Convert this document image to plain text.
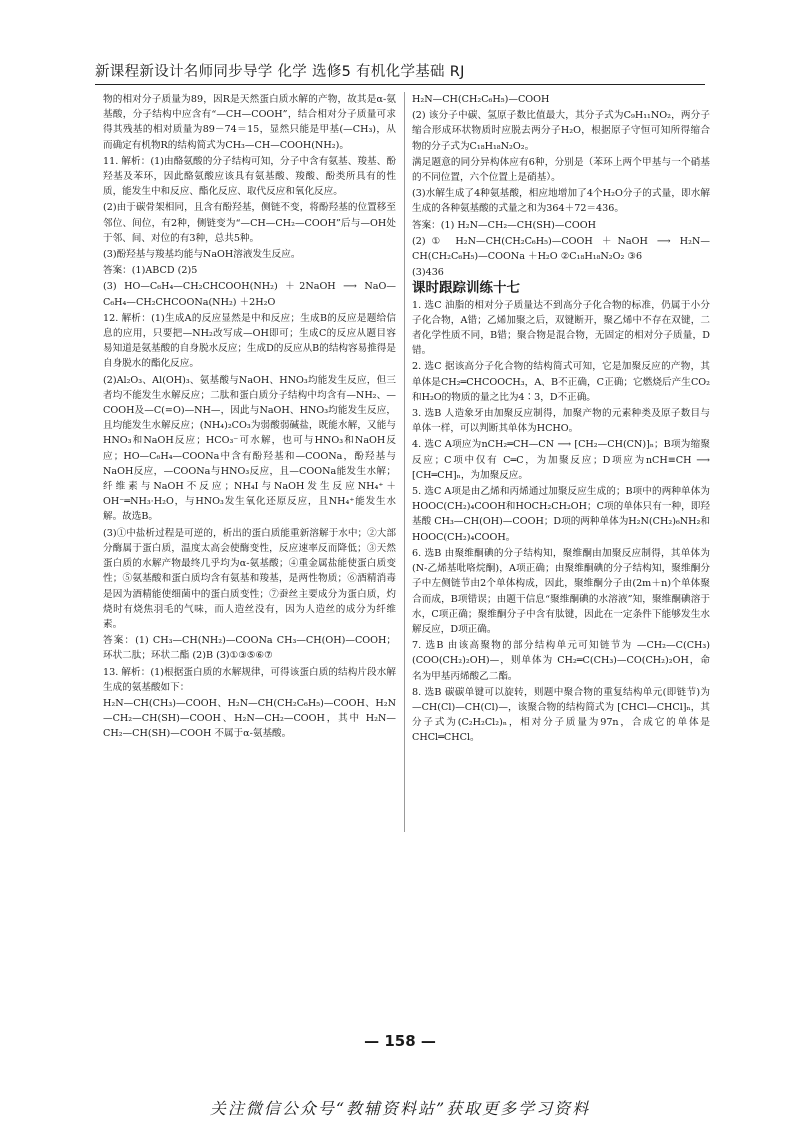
新课程新设计名师同步导学 化学 选修5 有机化学基础 RJ

物的相对分子质量为89，因R是天然蛋白质水解的产物，故其是α-氨基酸，分子结构中应含有“—CH—COOH”，结合相对分子质量可求得其残基的相对质量为89－74＝15，显然只能是甲基(—CH₃)，从而确定有机物R的结构简式为CH₃—CH—COOH(NH₂)。

11. 解析：(1)由酪氨酸的分子结构可知，分子中含有氨基、羧基、酚羟基及苯环，因此酪氨酸应该具有氨基酸、羧酸、酚类所具有的性质，能发生中和反应、酯化反应、取代反应和氧化反应。

(2)由于碳骨架相同，且含有酚羟基，侧链不变，将酚羟基的位置移至邻位、间位，有2种，侧链变为“—CH—CH₂—COOH”后与—OH处于邻、间、对位的有3种，总共5种。

(3)酚羟基与羧基均能与NaOH溶液发生反应。

答案：(1)ABCD (2)5

(3) HO—C₆H₄—CH₂CHCOOH(NH₂) ＋2NaOH ⟶ NaO—C₆H₄—CH₂CHCOONa(NH₂) ＋2H₂O

12. 解析：(1)生成A的反应显然是中和反应；生成B的反应是题给信息的应用，只要把—NH₂改写成—OH即可；生成C的反应从题目容易知道是氨基酸的自身脱水反应；生成D的反应从B的结构容易推得是自身脱水的酯化反应。

(2)Al₂O₃、Al(OH)₃、氨基酸与NaOH、HNO₃均能发生反应，但三者均不能发生水解反应；二肽和蛋白质分子结构中均含有—NH₂、—COOH及—C(=O)—NH—，因此与NaOH、HNO₃均能发生反应，且均能发生水解反应；(NH₄)₂CO₃为弱酸弱碱盐，既能水解，又能与HNO₃和NaOH反应；HCO₃⁻可水解，也可与HNO₃和NaOH反应；HO—C₆H₄—COONa中含有酚羟基和—COONa，酚羟基与NaOH反应，—COONa与HNO₃反应，且—COONa能发生水解；纤维素与NaOH不反应；NH₄I与NaOH发生反应NH₄⁺＋OH⁻═NH₃·H₂O，与HNO₃发生氧化还原反应，且NH₄⁺能发生水解。故选B。

(3)①中盐析过程是可逆的，析出的蛋白质能重新溶解于水中；②大部分酶属于蛋白质，温度太高会使酶变性，反应速率反而降低；③天然蛋白质的水解产物最终几乎均为α-氨基酸；④重金属盐能使蛋白质变性；⑤氨基酸和蛋白质均含有氨基和羧基，是两性物质；⑥酒精消毒是因为酒精能使细菌中的蛋白质变性；⑦蚕丝主要成分为蛋白质，灼烧时有烧焦羽毛的气味，而人造丝没有，因为人造丝的成分为纤维素。

答案：(1) CH₃—CH(NH₂)—COONa CH₃—CH(OH)—COOH；环状二肽；环状二酯 (2)B (3)①③⑤⑥⑦

13. 解析：(1)根据蛋白质的水解规律，可得该蛋白质的结构片段水解生成的氨基酸如下：

H₂N—CH(CH₃)—COOH、H₂N—CH(CH₂C₆H₅)—COOH、H₂N—CH₂—CH(SH)—COOH、H₂N—CH₂—COOH，其中 H₂N—CH₂—CH(SH)—COOH 不属于α-氨基酸。

H₂N—CH(CH₂C₆H₅)—COOH

(2) 该分子中碳、氢原子数比值最大，其分子式为C₉H₁₁NO₂，两分子缩合形成环状物质时应脱去两分子H₂O，根据原子守恒可知所得缩合物的分子式为C₁₈H₁₈N₂O₂。

满足题意的同分异构体应有6种，分别是（苯环上两个甲基与一个硝基的不同位置，六个位置上是硝基）。

(3)水解生成了4种氨基酸，相应地增加了4个H₂O分子的式量，即水解生成的各种氨基酸的式量之和为364＋72＝436。

答案：(1) H₂N—CH₂—CH(SH)—COOH

(2)① H₂N—CH(CH₂C₆H₅)—COOH ＋NaOH ⟶ H₂N—CH(CH₂C₆H₅)—COONa ＋H₂O ②C₁₈H₁₈N₂O₂ ③6

(3)436

课时跟踪训练十七

1. 选C 油脂的相对分子质量达不到高分子化合物的标准，仍属于小分子化合物，A错；乙烯加聚之后，双键断开，聚乙烯中不存在双键，二者化学性质不同，B错；聚合物是混合物，无固定的相对分子质量，D错。

2. 选C 据该高分子化合物的结构简式可知，它是加聚反应的产物，其单体是CH₂═CHCOOCH₃，A、B不正确，C正确；它燃烧后产生CO₂和H₂O的物质的量之比为4∶3，D不正确。

3. 选B 人造象牙由加聚反应制得，加聚产物的元素种类及原子数目与单体一样，可以判断其单体为HCHO。

4. 选C A项应为nCH₂═CH—CN ⟶ [CH₂—CH(CN)]ₙ；B项为缩聚反应；C项中仅有 C═C，为加聚反应；D项应为nCH≡CH ⟶ [CH═CH]ₙ，为加聚反应。

5. 选C A项是由乙烯和丙烯通过加聚反应生成的；B项中的两种单体为HOOC(CH₂)₄COOH和HOCH₂CH₂OH；C项的单体只有一种，即羟基酸 CH₃—CH(OH)—COOH；D项的两种单体为H₂N(CH₂)₆NH₂和HOOC(CH₂)₄COOH。

6. 选B 由聚维酮碘的分子结构知，聚维酮由加聚反应制得，其单体为 (N-乙烯基吡咯烷酮)，A项正确；由聚维酮碘的分子结构知，聚维酮分子中左侧链节由2个单体构成，因此，聚维酮分子由(2m＋n)个单体聚合而成，B项错误；由题干信息“聚维酮碘的水溶液”知，聚维酮碘溶于水，C项正确；聚维酮分子中含有肽键，因此在一定条件下能够发生水解反应，D项正确。

7. 选B 由该高聚物的部分结构单元可知链节为 —CH₂—C(CH₃)(COO(CH₂)₂OH)—，则单体为 CH₂═C(CH₃)—CO(CH₂)₂OH，命名为甲基丙烯酸乙二酯。

8. 选B 碳碳单键可以旋转，则题中聚合物的重复结构单元(即链节)为 —CH(Cl)—CH(Cl)—，该聚合物的结构简式为 [CHCl—CHCl]ₙ，其分子式为(C₂H₂Cl₂)ₙ，相对分子质量为97n，合成它的单体是CHCl═CHCl。

— 158 —
关注微信公众号“教辅资料站”获取更多学习资料
